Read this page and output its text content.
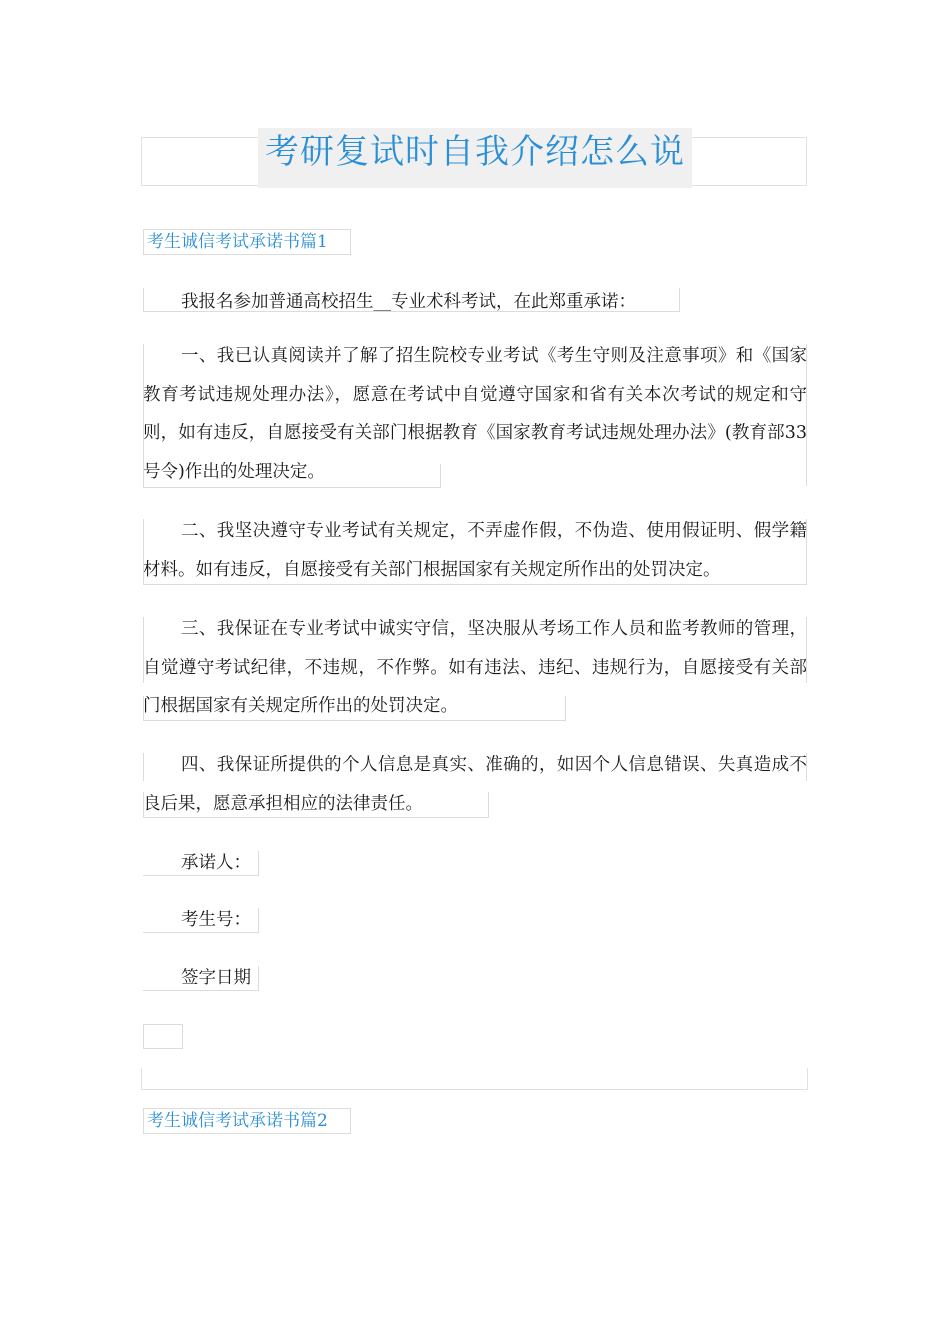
考研复试时自我介绍怎么说
考生诚信考试承诺书篇1

我报名参加普通高校招生__专业术科考试，在此郑重承诺：

一、我已认真阅读并了解了招生院校专业考试《考生守则及注意事项》和《国家教育考试违规处理办法》，愿意在考试中自觉遵守国家和省有关本次考试的规定和守则，如有违反，自愿接受有关部门根据教育《国家教育考试违规处理办法》(教育部33号令)作出的处理决定。

二、我坚决遵守专业考试有关规定，不弄虚作假，不伪造、使用假证明、假学籍材料。如有违反，自愿接受有关部门根据国家有关规定所作出的处罚决定。

三、我保证在专业考试中诚实守信，坚决服从考场工作人员和监考教师的管理，自觉遵守考试纪律，不违规，不作弊。如有违法、违纪、违规行为，自愿接受有关部门根据国家有关规定所作出的处罚决定。

四、我保证所提供的个人信息是真实、准确的，如因个人信息错误、失真造成不良后果，愿意承担相应的法律责任。

承诺人：
考生号：
签字日期
考生诚信考试承诺书篇2
